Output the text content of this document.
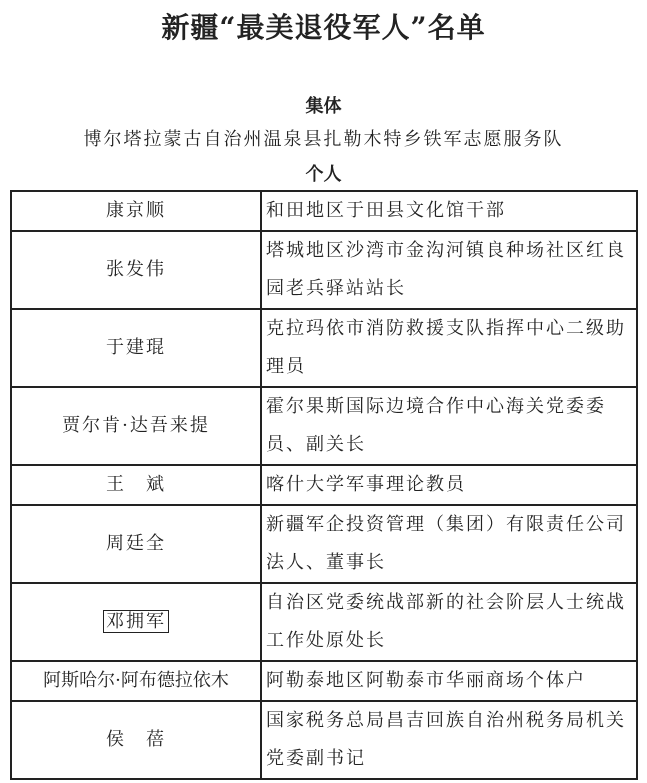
新疆“最美退役军人”名单
集体
博尔塔拉蒙古自治州温泉县扎勒木特乡铁军志愿服务队
个人
康京顺	和田地区于田县文化馆干部
张发伟	塔城地区沙湾市金沟河镇良种场社区红良园老兵驿站站长
于建琨	克拉玛依市消防救援支队指挥中心二级助理员
贾尔肯·达吾来提	霍尔果斯国际边境合作中心海关党委委员、副关长
王　斌	喀什大学军事理论教员
周廷全	新疆军企投资管理（集团）有限责任公司法人、董事长
邓拥军	自治区党委统战部新的社会阶层人士统战工作处原处长
阿斯哈尔·阿布德拉依木	阿勒泰地区阿勒泰市华丽商场个体户
侯　蓓	国家税务总局昌吉回族自治州税务局机关党委副书记
